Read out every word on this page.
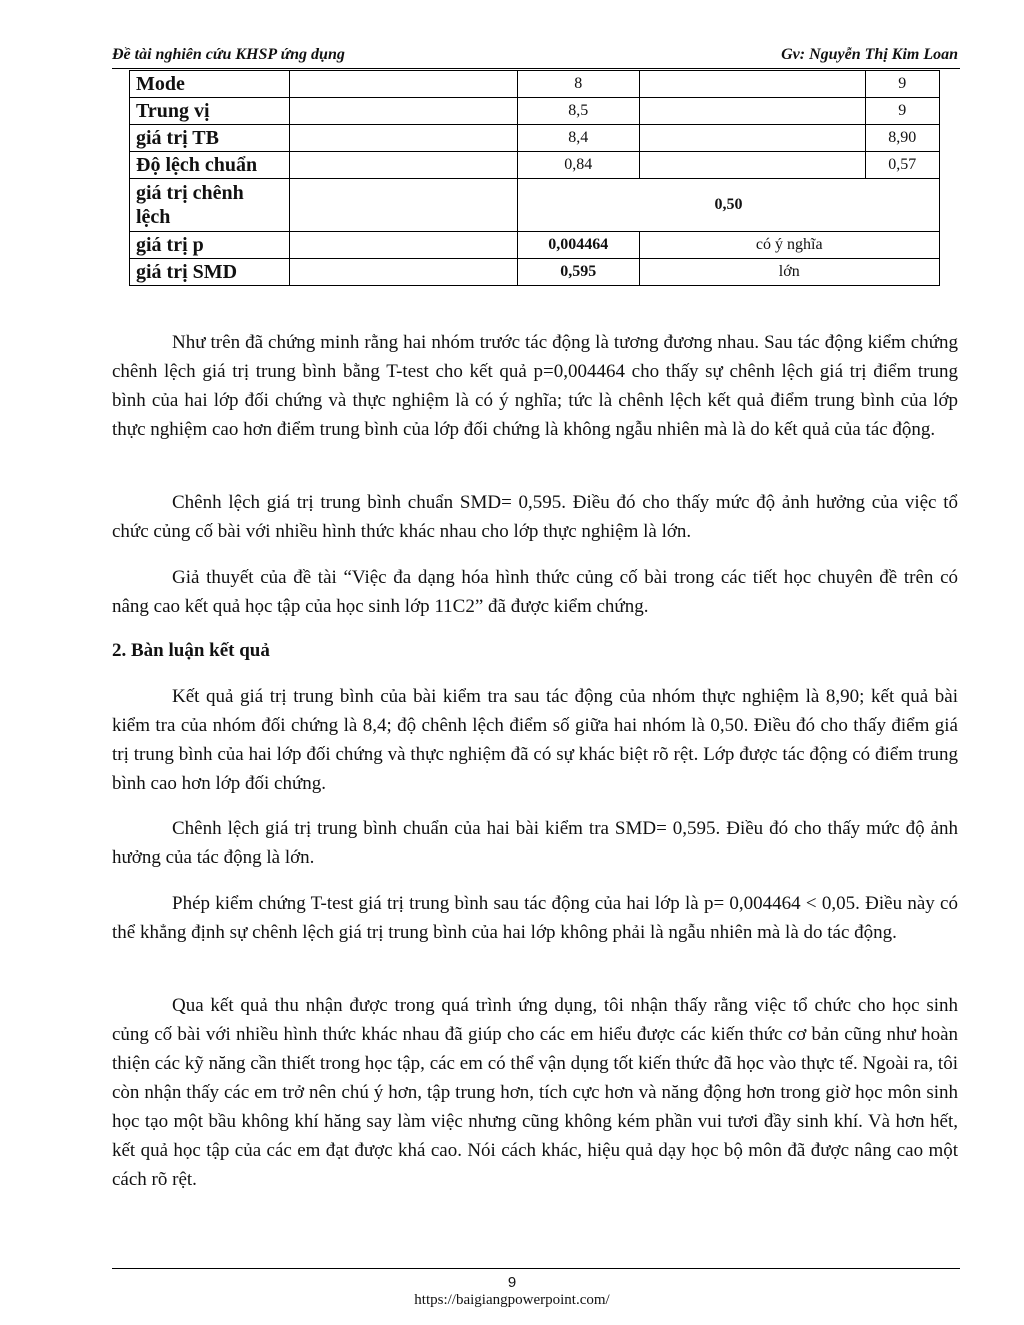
Đề tài nghiên cứu KHSP ứng dụng	Gv: Nguyễn Thị Kim Loan
Mode		8		9
Trung vị		8,5		9
giá trị TB		8,4		8,90
Độ lệch chuẩn		0,84		0,57
giá trị chênh lệch		0,50		
giá trị p		0,004464	có ý nghĩa	
giá trị SMD		0,595	lớn	

Như trên đã chứng minh rằng hai nhóm trước tác động là tương đương nhau. Sau tác động kiểm chứng chênh lệch giá trị trung bình bằng T-test cho kết quả p=0,004464 cho thấy sự chênh lệch giá trị điểm trung bình của hai lớp đối chứng và thực nghiệm là có ý nghĩa; tức là chênh lệch kết quả điểm trung bình của lớp thực nghiệm cao hơn điểm trung bình của lớp đối chứng là không ngẫu nhiên mà là do kết quả của tác động.

Chênh lệch giá trị trung bình chuẩn SMD= 0,595. Điều đó cho thấy mức độ ảnh hưởng của việc tổ chức củng cố bài với nhiều hình thức khác nhau cho lớp thực nghiệm là lớn.

Giả thuyết của đề tài “Việc đa dạng hóa hình thức củng cố bài trong các tiết học chuyên đề trên có nâng cao kết quả học tập của học sinh lớp 11C2” đã được kiểm chứng.

2. Bàn luận kết quả

Kết quả giá trị trung bình của bài kiểm tra sau tác động của nhóm thực nghiệm là 8,90; kết quả bài kiểm tra của nhóm đối chứng là 8,4; độ chênh lệch điểm số giữa hai nhóm là 0,50. Điều đó cho thấy điểm giá trị trung bình của hai lớp đối chứng và thực nghiệm đã có sự khác biệt rõ rệt. Lớp được tác động có điểm trung bình cao hơn lớp đối chứng.

Chênh lệch giá trị trung bình chuẩn của hai bài kiểm tra SMD= 0,595. Điều đó cho thấy mức độ ảnh hưởng của tác động là lớn.

Phép kiểm chứng T-test giá trị trung bình sau tác động của hai lớp là p= 0,004464 < 0,05. Điều này có thể khẳng định sự chênh lệch giá trị trung bình của hai lớp không phải là ngẫu nhiên mà là do tác động.

Qua kết quả thu nhận được trong quá trình ứng dụng, tôi nhận thấy rằng việc tổ chức cho học sinh củng cố bài với nhiều hình thức khác nhau đã giúp cho các em hiểu được các kiến thức cơ bản cũng như hoàn thiện các kỹ năng cần thiết trong học tập, các em có thể vận dụng tốt kiến thức đã học vào thực tế. Ngoài ra, tôi còn nhận thấy các em trở nên chú ý hơn, tập trung hơn, tích cực hơn và năng động hơn trong giờ học môn sinh học tạo một bầu không khí hăng say làm việc nhưng cũng không kém phần vui tươi đầy sinh khí. Và hơn hết, kết quả học tập của các em đạt được khá cao. Nói cách khác, hiệu quả dạy học bộ môn đã được nâng cao một cách rõ rệt.

9
https://baigiangpowerpoint.com/
